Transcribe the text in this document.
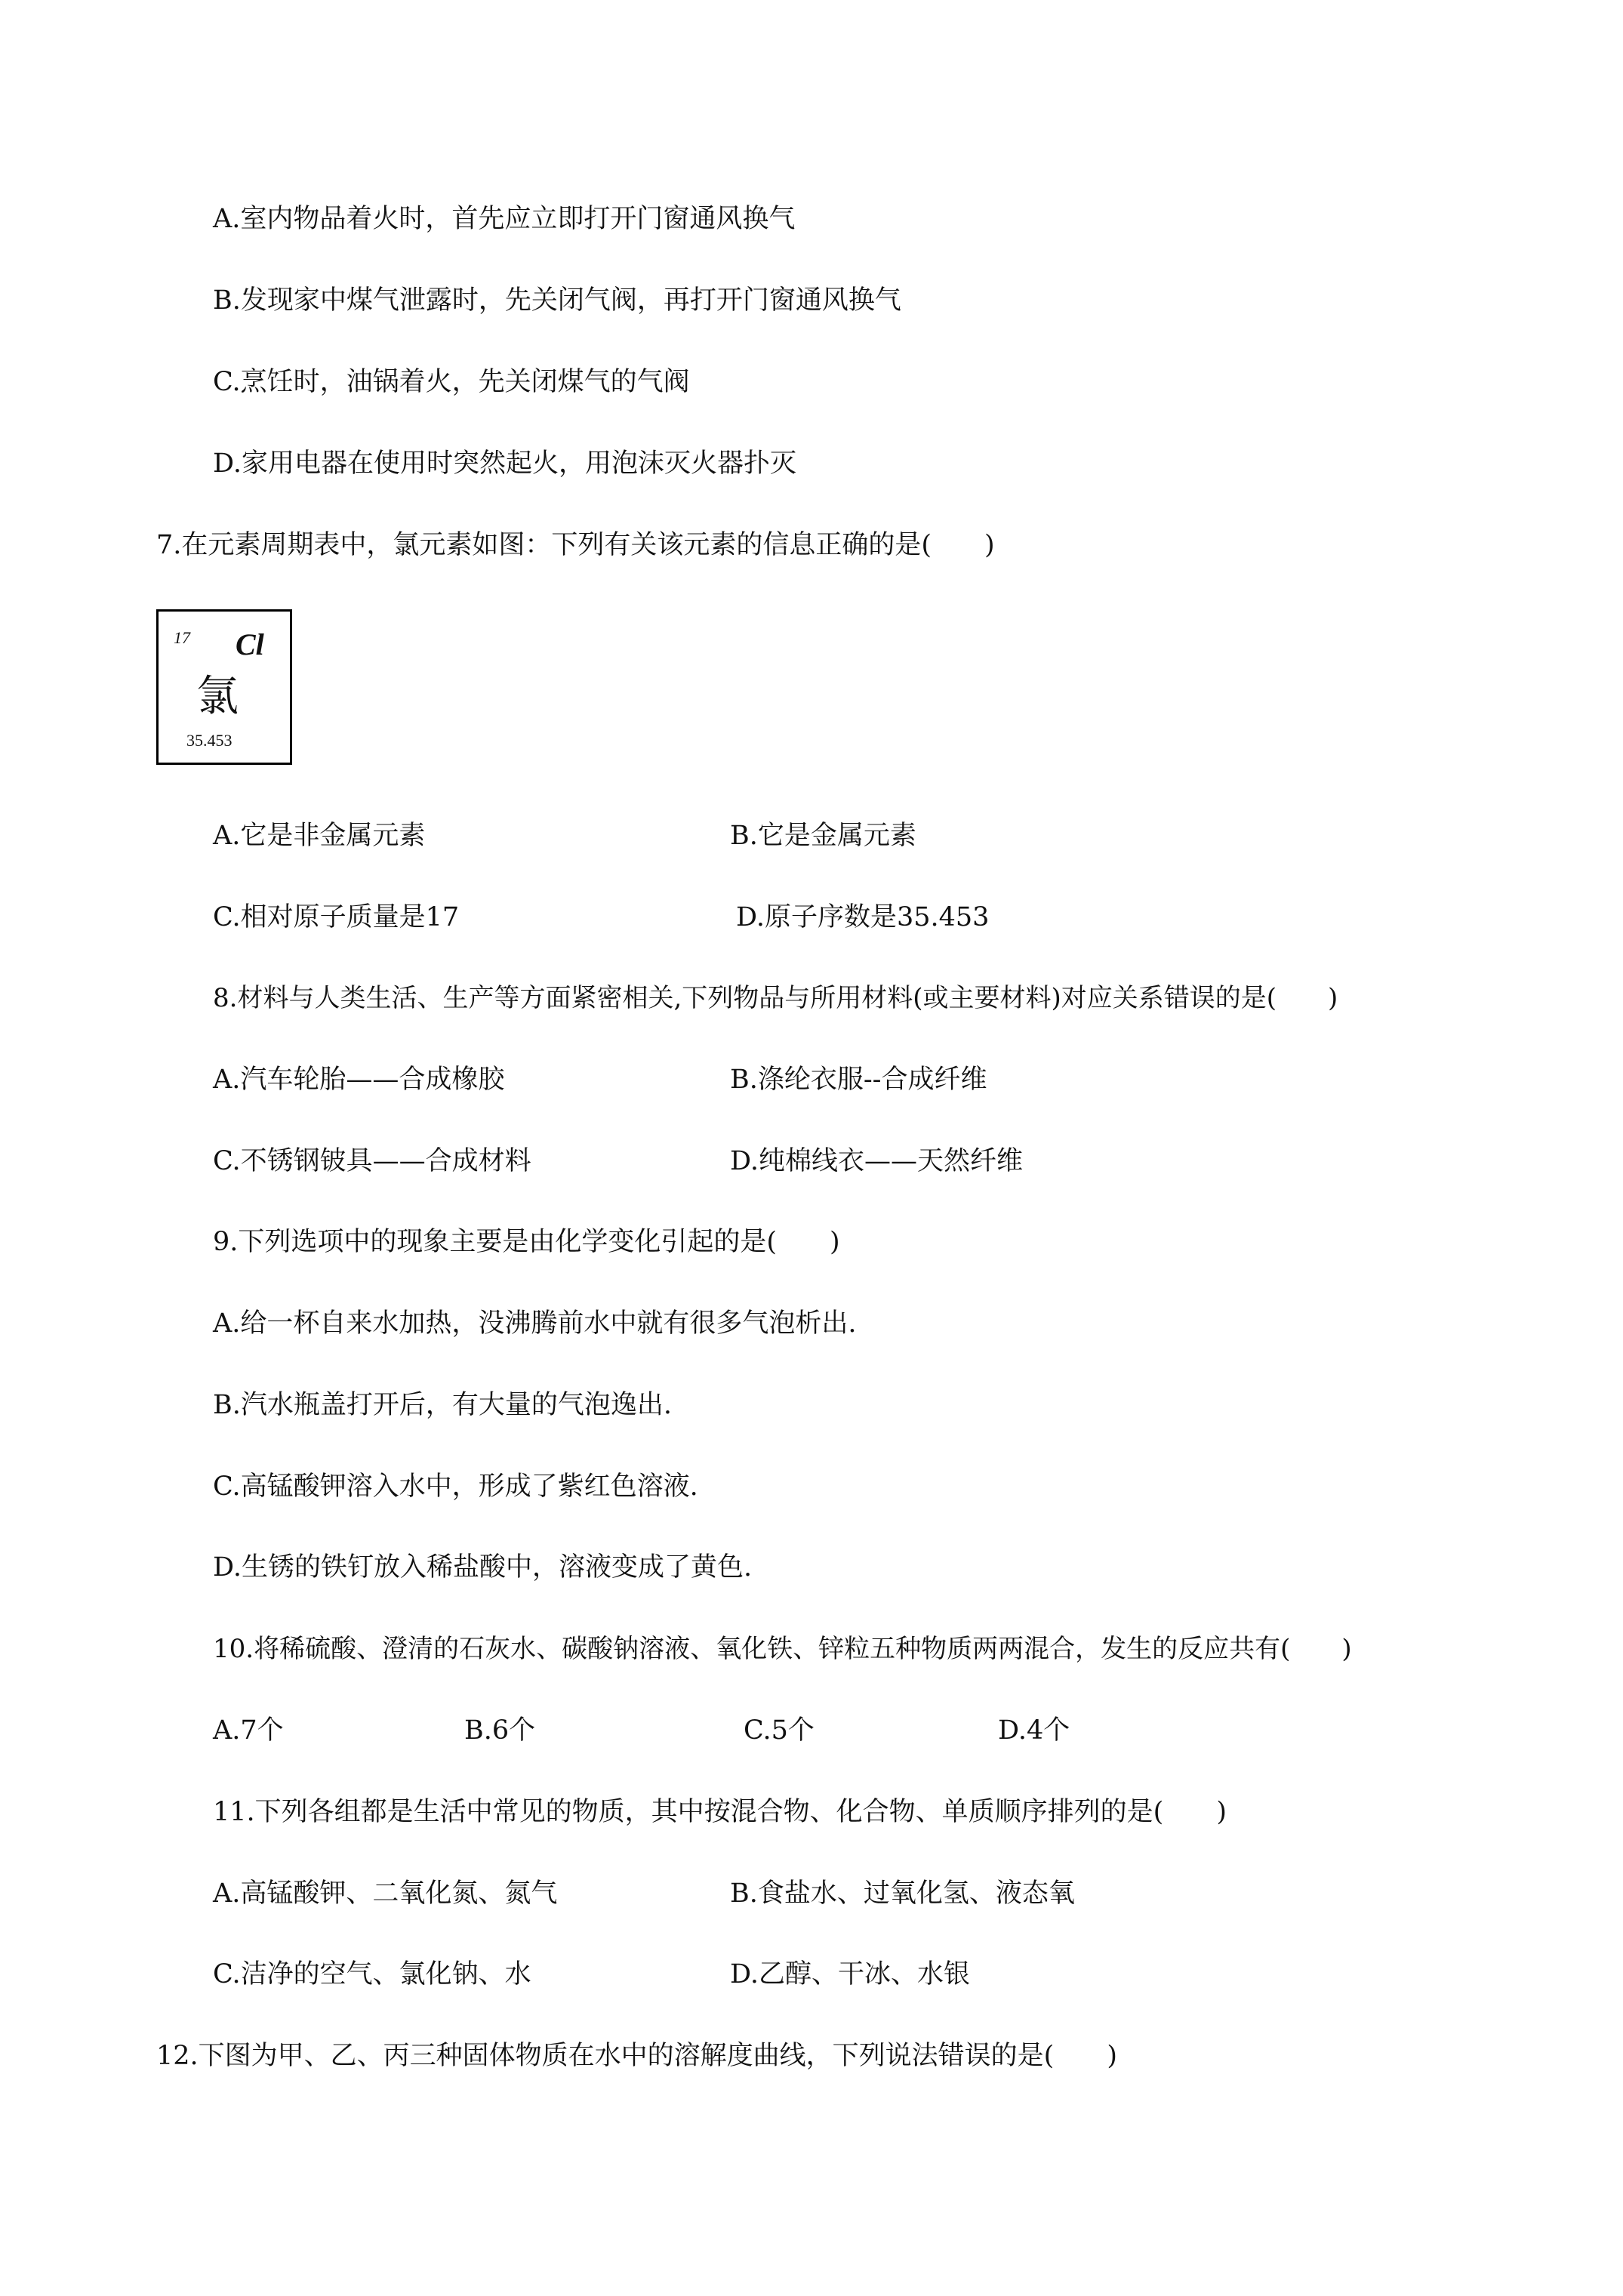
A.室内物品着火时，首先应立即打开门窗通风换气
B.发现家中煤气泄露时，先关闭气阀，再打开门窗通风换气
C.烹饪时，油锅着火，先关闭煤气的气阀
D.家用电器在使用时突然起火，用泡沫灭火器扑灭
7.在元素周期表中，氯元素如图：下列有关该元素的信息正确的是(　　)
17 Cl
氯
35.453
A.它是非金属元素	B.它是金属元素
C.相对原子质量是17	D.原子序数是35.453
8.材料与人类生活、生产等方面紧密相关,下列物品与所用材料(或主要材料)对应关系错误的是(　　)
A.汽车轮胎——合成橡胶	B.涤纶衣服--合成纤维
C.不锈钢铍具——合成材料	D.纯棉线衣——天然纤维
9.下列选项中的现象主要是由化学变化引起的是(　　)
A.给一杯自来水加热，没沸腾前水中就有很多气泡析出.
B.汽水瓶盖打开后，有大量的气泡逸出.
C.高锰酸钾溶入水中，形成了紫红色溶液.
D.生锈的铁钉放入稀盐酸中，溶液变成了黄色.
10.将稀硫酸、澄清的石灰水、碳酸钠溶液、氧化铁、锌粒五种物质两两混合，发生的反应共有(　　)
A.7个	B.6个	C.5个	D.4个
11.下列各组都是生活中常见的物质，其中按混合物、化合物、单质顺序排列的是(　　)
A.高锰酸钾、二氧化氮、氮气	B.食盐水、过氧化氢、液态氧
C.洁净的空气、氯化钠、水	D.乙醇、干冰、水银
12.下图为甲、乙、丙三种固体物质在水中的溶解度曲线，下列说法错误的是(　　)
